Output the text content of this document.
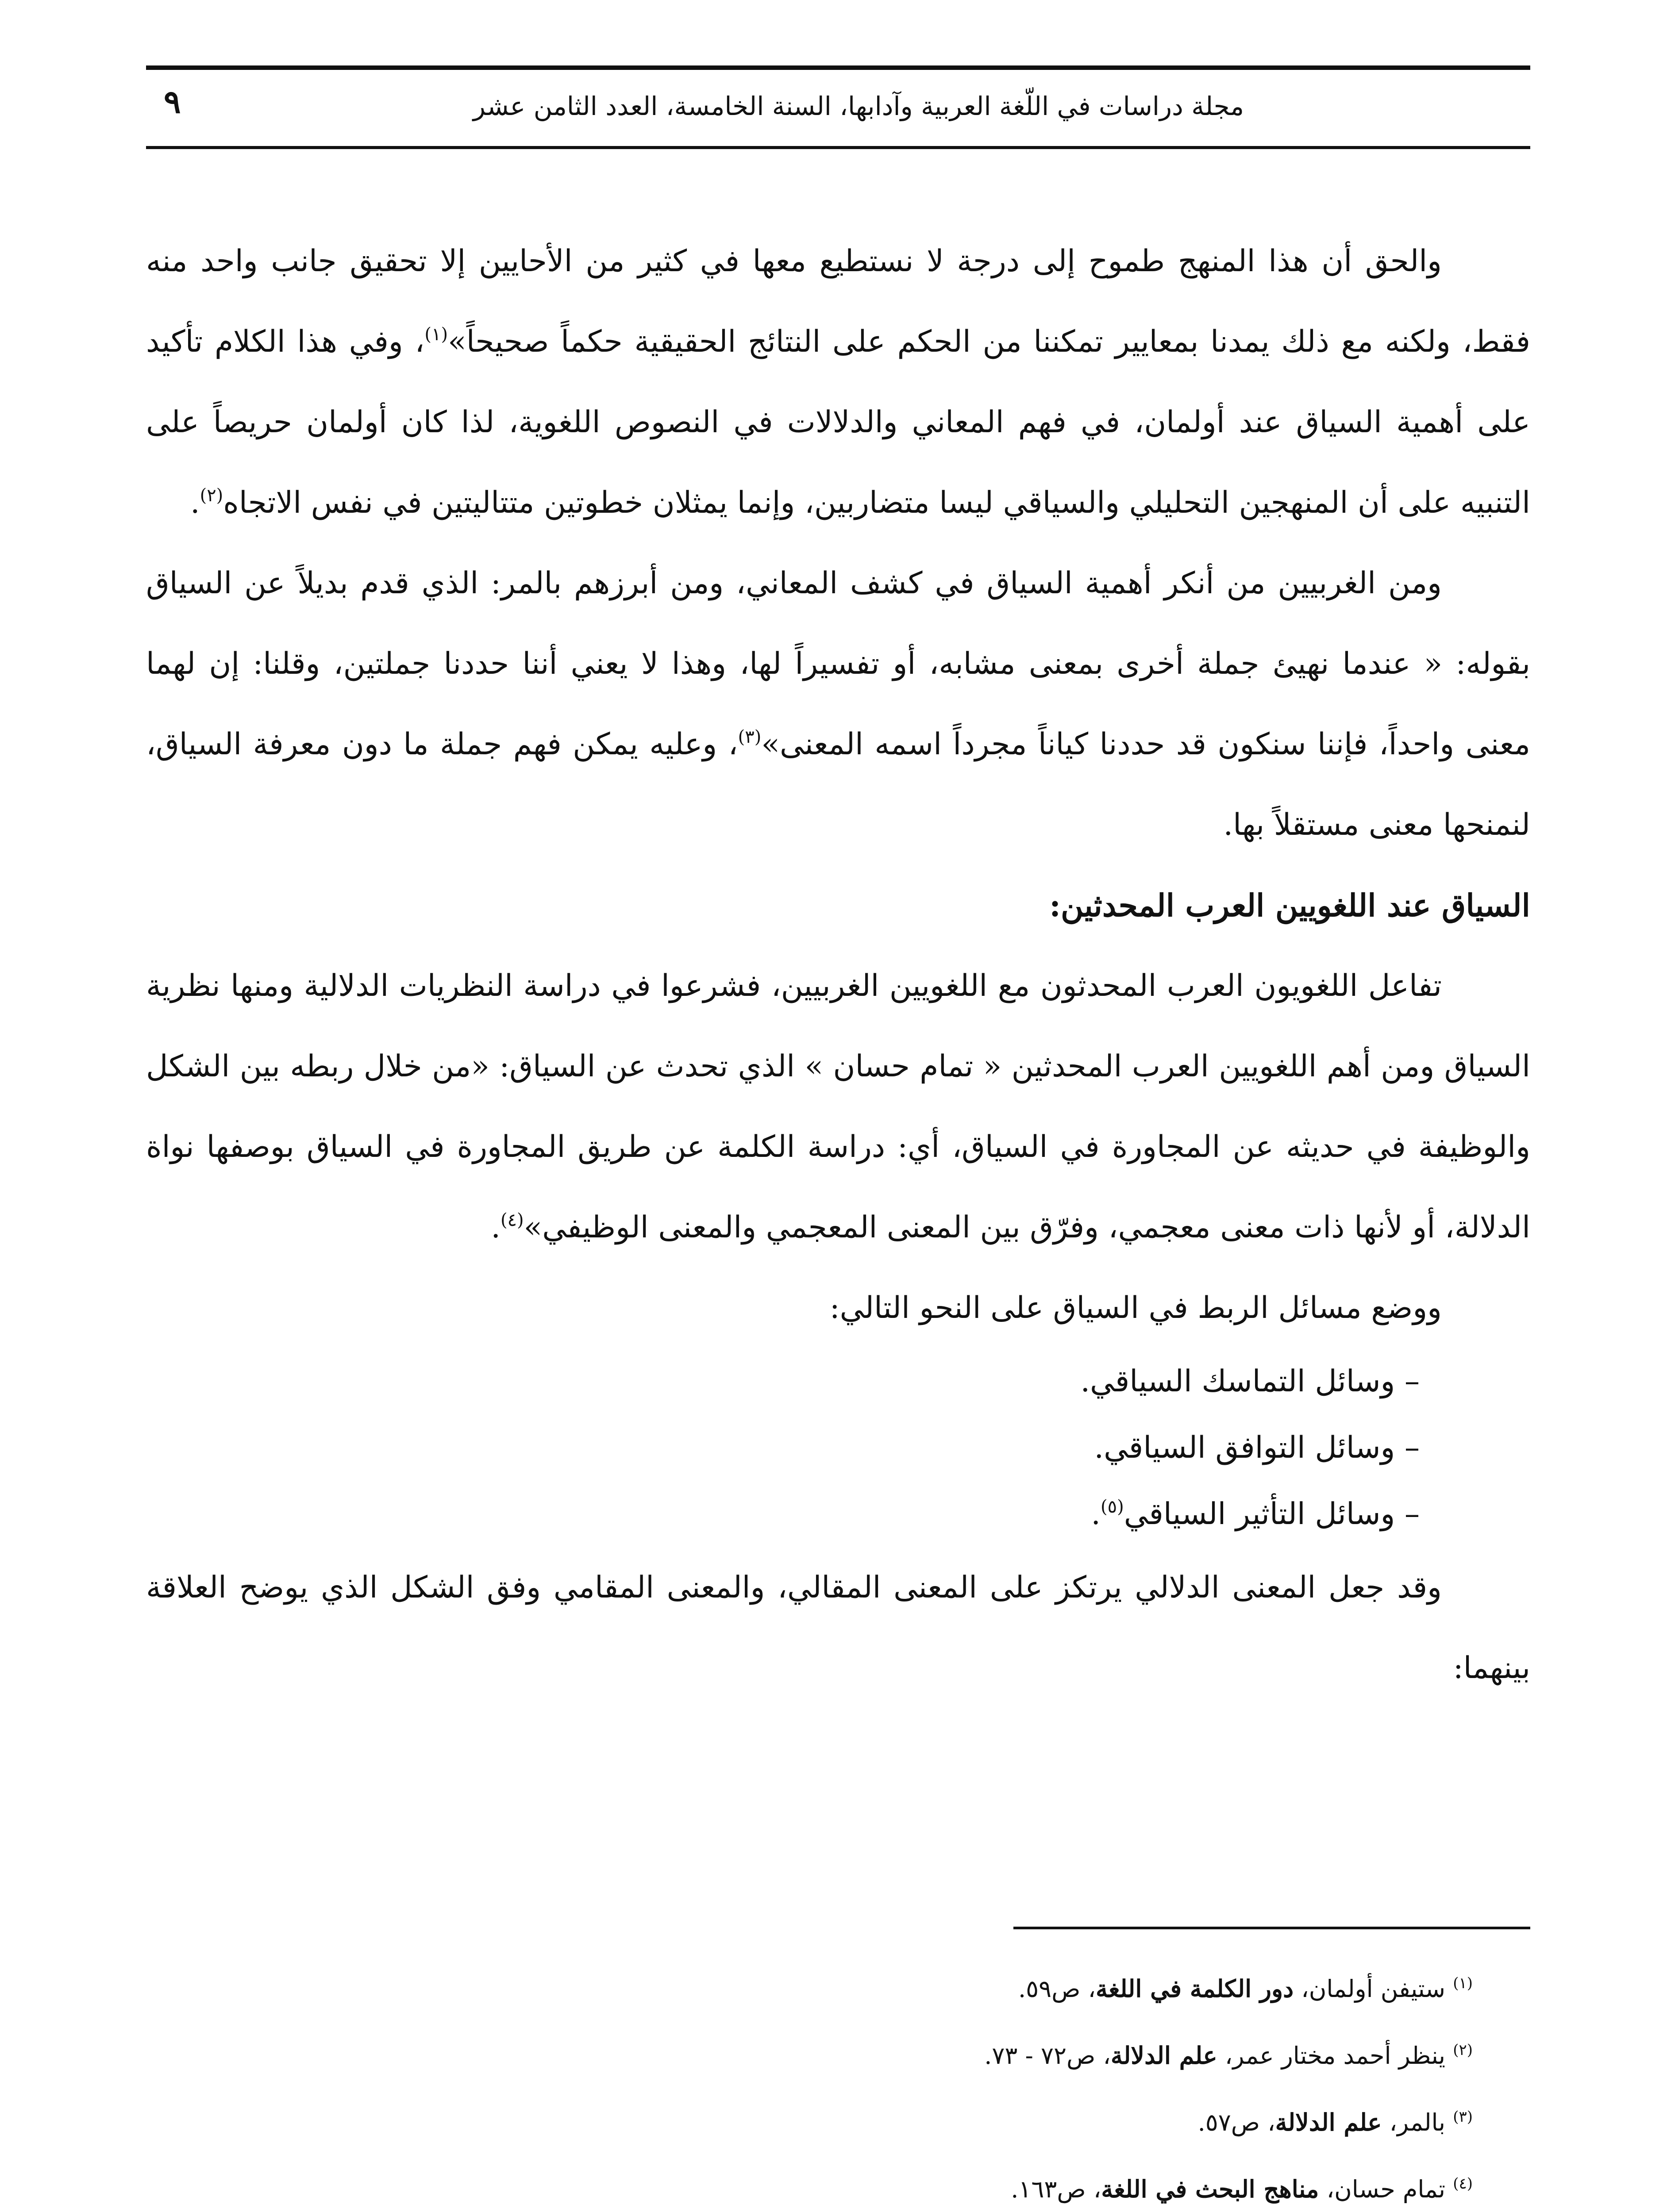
مجلة دراسات في اللّغة العربية وآدابها، السنة الخامسة، العدد الثامن عشر
٩

والحق أن هذا المنهج طموح إلى درجة لا نستطيع معها في كثير من الأحايين إلا تحقيق جانب واحد منه فقط، ولكنه مع ذلك يمدنا بمعايير تمكننا من الحكم على النتائج الحقيقية حكماً صحيحاً»$^{(١)}$، وفي هذا الكلام تأكيد على أهمية السياق عند أولمان، في فهم المعاني والدلالات في النصوص اللغوية، لذا كان أولمان حريصاً على التنبيه على أن المنهجين التحليلي والسياقي ليسا متضاربين، وإنما يمثلان خطوتين متتاليتين في نفس الاتجاه$^{(٢)}$.

ومن الغربيين من أنكر أهمية السياق في كشف المعاني، ومن أبرزهم بالمر: الذي قدم بديلاً عن السياق بقوله: « عندما نهيئ جملة أخرى بمعنى مشابه، أو تفسيراً لها، وهذا لا يعني أننا حددنا جملتين، وقلنا: إن لهما معنى واحداً، فإننا سنكون قد حددنا كياناً مجرداً اسمه المعنى»$^{(٣)}$، وعليه يمكن فهم جملة ما دون معرفة السياق، لنمنحها معنى مستقلاً بها.

السياق عند اللغويين العرب المحدثين:

تفاعل اللغويون العرب المحدثون مع اللغويين الغربيين، فشرعوا في دراسة النظريات الدلالية ومنها نظرية السياق ومن أهم اللغويين العرب المحدثين « تمام حسان » الذي تحدث عن السياق: «من خلال ربطه بين الشكل والوظيفة في حديثه عن المجاورة في السياق، أي: دراسة الكلمة عن طريق المجاورة في السياق بوصفها نواة الدلالة، أو لأنها ذات معنى معجمي، وفرّق بين المعنى المعجمي والمعنى الوظيفي»$^{(٤)}$.

ووضع مسائل الربط في السياق على النحو التالي:

– وسائل التماسك السياقي.

– وسائل التوافق السياقي.

– وسائل التأثير السياقي$^{(٥)}$.

وقد جعل المعنى الدلالي يرتكز على المعنى المقالي، والمعنى المقامي وفق الشكل الذي يوضح العلاقة بينهما:

$^{(١)}$ ستيفن أولمان، دور الكلمة في اللغة، ص٥٩.

$^{(٢)}$ ينظر أحمد مختار عمر، علم الدلالة، ص٧٢ - ٧٣.

$^{(٣)}$ بالمر، علم الدلالة، ص٥٧.

$^{(٤)}$ تمام حسان، مناهج البحث في اللغة، ص١٦٣.
